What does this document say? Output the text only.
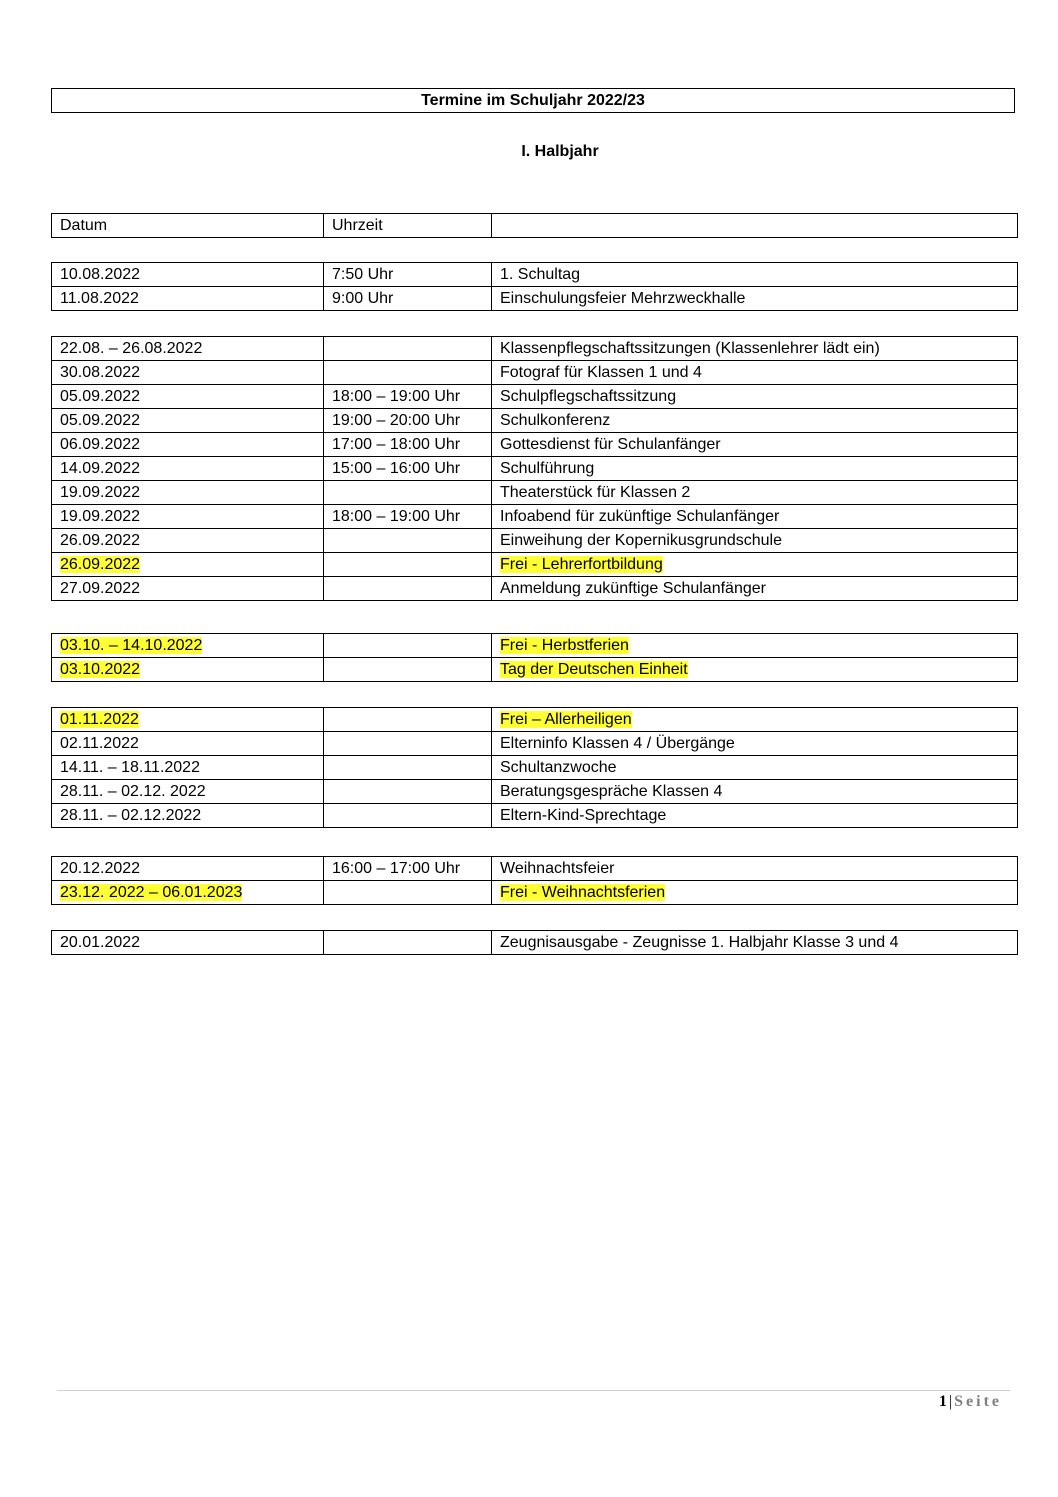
Termine im Schuljahr 2022/23
I. Halbjahr
Datum	Uhrzeit	
10.08.2022	7:50 Uhr	1. Schultag
11.08.2022	9:00 Uhr	Einschulungsfeier Mehrzweckhalle
22.08. – 26.08.2022		Klassenpflegschaftssitzungen (Klassenlehrer lädt ein)
30.08.2022		Fotograf für Klassen 1 und 4
05.09.2022	18:00 – 19:00 Uhr	Schulpflegschaftssitzung
05.09.2022	19:00 – 20:00 Uhr	Schulkonferenz
06.09.2022	17:00 – 18:00 Uhr	Gottesdienst für Schulanfänger
14.09.2022	15:00 – 16:00 Uhr	Schulführung
19.09.2022		Theaterstück für Klassen 2
19.09.2022	18:00 – 19:00 Uhr	Infoabend für zukünftige Schulanfänger
26.09.2022		Einweihung der Kopernikusgrundschule
26.09.2022		Frei - Lehrerfortbildung
27.09.2022		Anmeldung zukünftige Schulanfänger
03.10. – 14.10.2022		Frei - Herbstferien
03.10.2022		Tag der Deutschen Einheit
01.11.2022		Frei – Allerheiligen
02.11.2022		Elterninfo Klassen 4 / Übergänge
14.11. – 18.11.2022		Schultanzwoche
28.11. – 02.12. 2022		Beratungsgespräche Klassen 4
28.11. – 02.12.2022		Eltern-Kind-Sprechtage
20.12.2022	16:00 – 17:00 Uhr	Weihnachtsfeier
23.12. 2022 – 06.01.2023		Frei - Weihnachtsferien
20.01.2022		Zeugnisausgabe - Zeugnisse 1. Halbjahr Klasse 3 und 4
1 | Seite
